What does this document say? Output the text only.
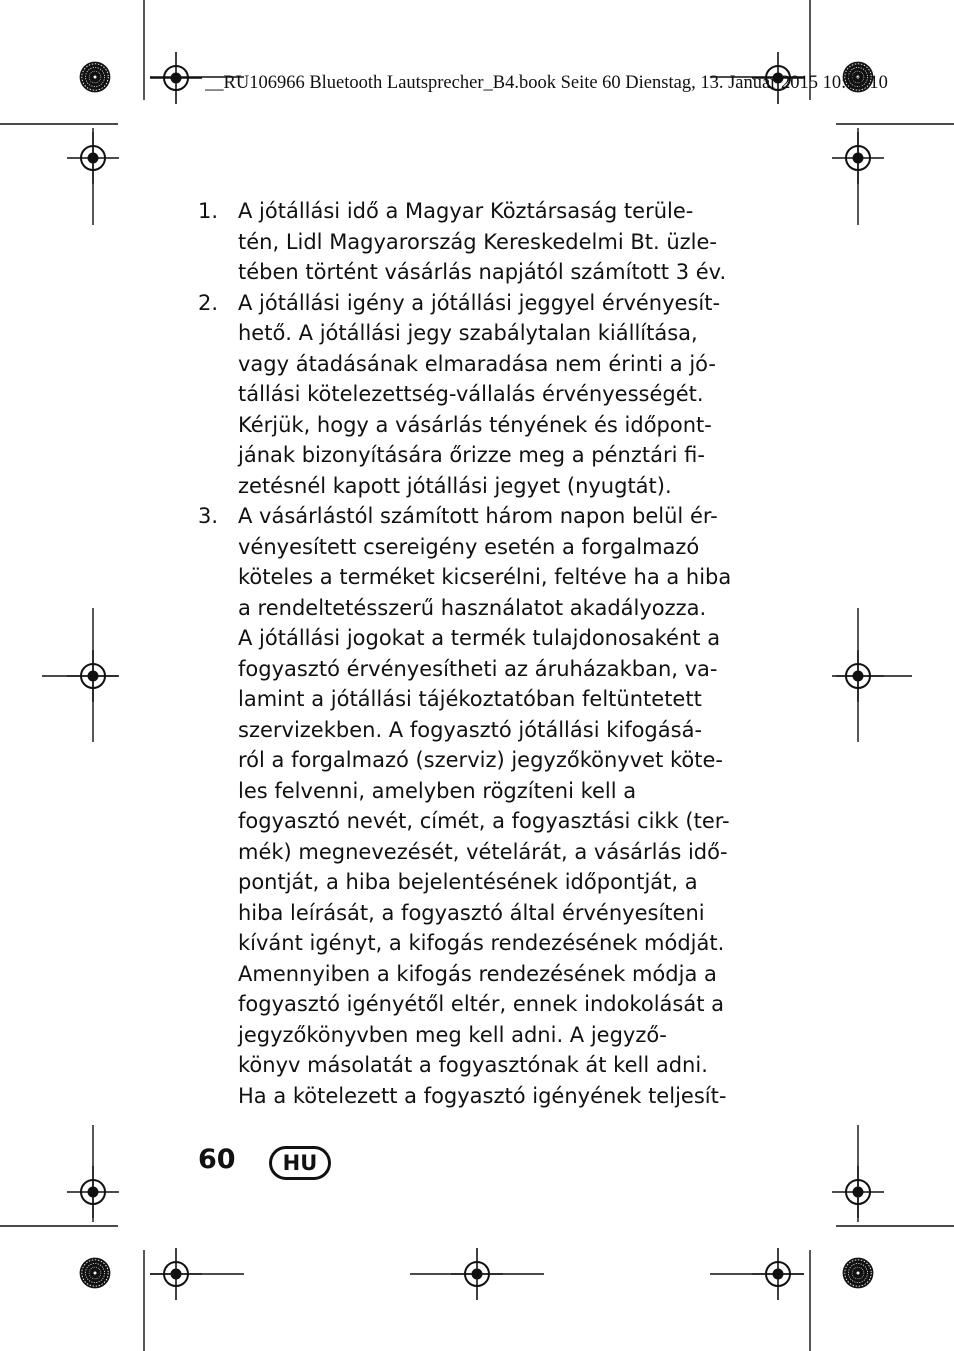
__RU106966 Bluetooth Lautsprecher_B4.book Seite 60 Dienstag, 13. Januar 2015 10:31 10
1. A jótállási idő a Magyar Köztársaság terüle-
tén, Lidl Magyarország Kereskedelmi Bt. üzle-
tében történt vásárlás napjától számított 3 év.
2. A jótállási igény a jótállási jeggyel érvényesít-
hető. A jótállási jegy szabálytalan kiállítása,
vagy átadásának elmaradása nem érinti a jó-
tállási kötelezettség-vállalás érvényességét.
Kérjük, hogy a vásárlás tényének és időpont-
jának bizonyítására őrizze meg a pénztári fi-
zetésnél kapott jótállási jegyet (nyugtát).
3. A vásárlástól számított három napon belül ér-
vényesített csereigény esetén a forgalmazó
köteles a terméket kicserélni, feltéve ha a hiba
a rendeltetésszerű használatot akadályozza.
A jótállási jogokat a termék tulajdonosaként a
fogyasztó érvényesítheti az áruházakban, va-
lamint a jótállási tájékoztatóban feltüntetett
szervizekben. A fogyasztó jótállási kifogásá-
ról a forgalmazó (szerviz) jegyzőkönyvet köte-
les felvenni, amelyben rögzíteni kell a
fogyasztó nevét, címét, a fogyasztási cikk (ter-
mék) megnevezését, vételárát, a vásárlás idő-
pontját, a hiba bejelentésének időpontját, a
hiba leírását, a fogyasztó által érvényesíteni
kívánt igényt, a kifogás rendezésének módját.
Amennyiben a kifogás rendezésének módja a
fogyasztó igényétől eltér, ennek indokolását a
jegyzőkönyvben meg kell adni. A jegyző-
könyv másolatát a fogyasztónak át kell adni.
Ha a kötelezett a fogyasztó igényének teljesít-
60	HU
